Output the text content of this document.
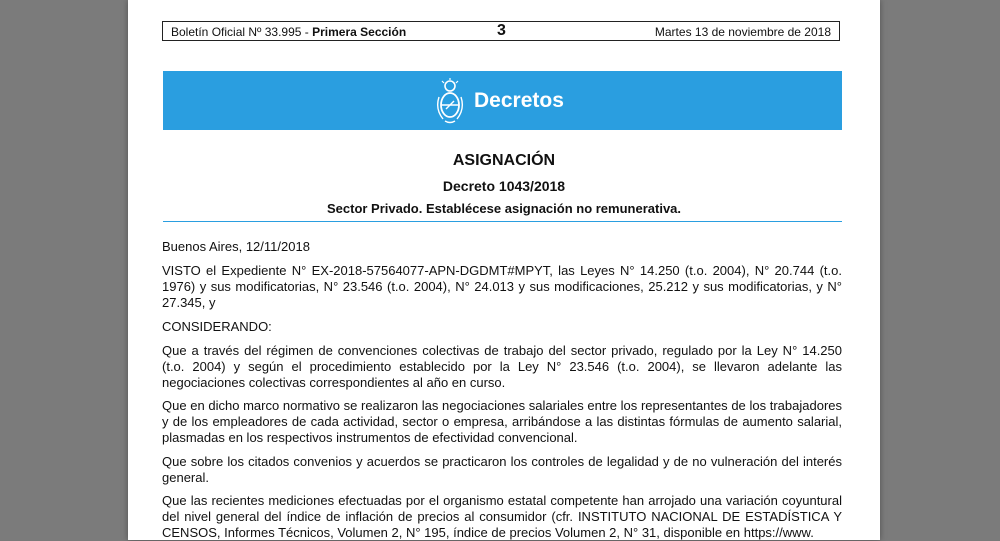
Boletín Oficial Nº 33.995 - Primera Sección	3	Martes 13 de noviembre de 2018
Decretos
ASIGNACIÓN
Decreto 1043/2018
Sector Privado. Establécese asignación no remunerativa.
Buenos Aires, 12/11/2018
VISTO el Expediente N° EX-2018-57564077-APN-DGDMT#MPYT, las Leyes N° 14.250 (t.o. 2004), N° 20.744 (t.o. 1976) y sus modificatorias, N° 23.546 (t.o. 2004), N° 24.013 y sus modificaciones, 25.212 y sus modificatorias, y N° 27.345, y
CONSIDERANDO:
Que a través del régimen de convenciones colectivas de trabajo del sector privado, regulado por la Ley N° 14.250 (t.o. 2004) y según el procedimiento establecido por la Ley N° 23.546 (t.o. 2004), se llevaron adelante las negociaciones colectivas correspondientes al año en curso.
Que en dicho marco normativo se realizaron las negociaciones salariales entre los representantes de los trabajadores y de los empleadores de cada actividad, sector o empresa, arribándose a las distintas fórmulas de aumento salarial, plasmadas en los respectivos instrumentos de efectividad convencional.
Que sobre los citados convenios y acuerdos se practicaron los controles de legalidad y de no vulneración del interés general.
Que las recientes mediciones efectuadas por el organismo estatal competente han arrojado una variación coyuntural del nivel general del índice de inflación de precios al consumidor (cfr. INSTITUTO NACIONAL DE ESTADÍSTICA Y CENSOS, Informes Técnicos, Volumen 2, N° 195, índice de precios Volumen 2, N° 31, disponible en https://www.
